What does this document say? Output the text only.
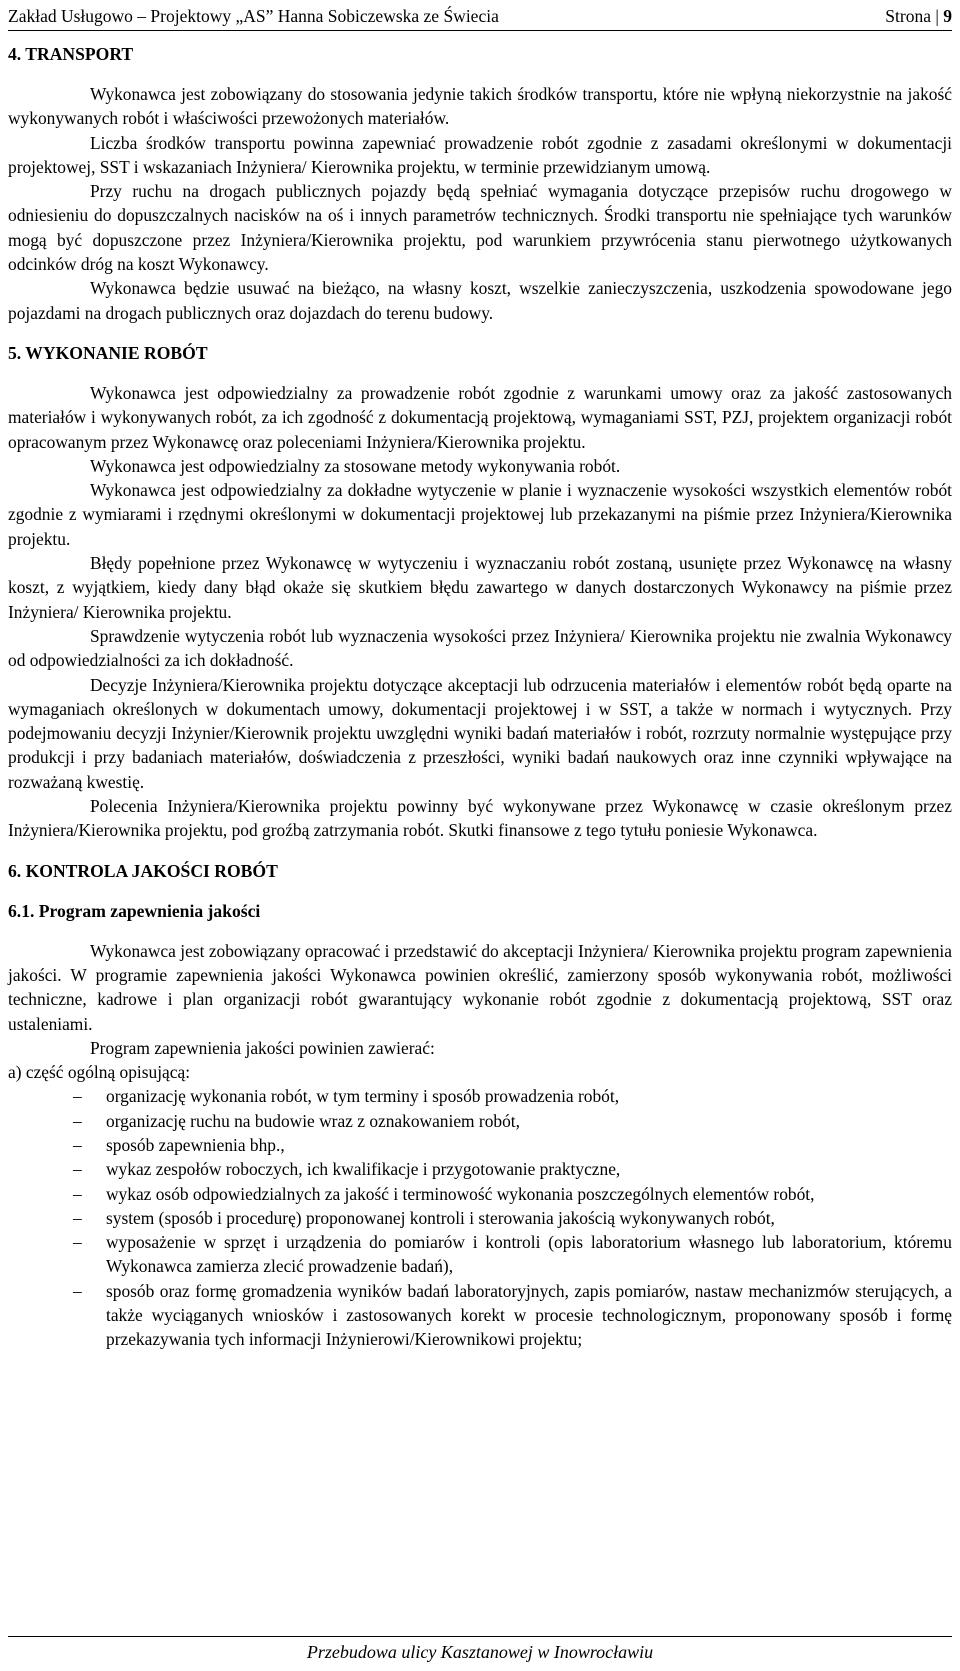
Zakład Usługowo – Projektowy „AS” Hanna Sobiczewska ze Świecia	Strona | 9
4. TRANSPORT

Wykonawca jest zobowiązany do stosowania jedynie takich środków transportu, które nie wpłyną niekorzystnie na jakość wykonywanych robót i właściwości przewożonych materiałów.

Liczba środków transportu powinna zapewniać prowadzenie robót zgodnie z zasadami określonymi w dokumentacji projektowej, SST i wskazaniach Inżyniera/ Kierownika projektu, w terminie przewidzianym umową.

Przy ruchu na drogach publicznych pojazdy będą spełniać wymagania dotyczące przepisów ruchu drogowego w odniesieniu do dopuszczalnych nacisków na oś i innych parametrów technicznych. Środki transportu nie spełniające tych warunków mogą być dopuszczone przez Inżyniera/Kierownika projektu, pod warunkiem przywrócenia stanu pierwotnego użytkowanych odcinków dróg na koszt Wykonawcy.

Wykonawca będzie usuwać na bieżąco, na własny koszt, wszelkie zanieczyszczenia, uszkodzenia spowodowane jego pojazdami na drogach publicznych oraz dojazdach do terenu budowy.

5. WYKONANIE ROBÓT

Wykonawca jest odpowiedzialny za prowadzenie robót zgodnie z warunkami umowy oraz za jakość zastosowanych materiałów i wykonywanych robót, za ich zgodność z dokumentacją projektową, wymaganiami SST, PZJ, projektem organizacji robót opracowanym przez Wykonawcę oraz poleceniami Inżyniera/Kierownika projektu.

Wykonawca jest odpowiedzialny za stosowane metody wykonywania robót.

Wykonawca jest odpowiedzialny za dokładne wytyczenie w planie i wyznaczenie wysokości wszystkich elementów robót zgodnie z wymiarami i rzędnymi określonymi w dokumentacji projektowej lub przekazanymi na piśmie przez Inżyniera/Kierownika projektu.

Błędy popełnione przez Wykonawcę w wytyczeniu i wyznaczaniu robót zostaną, usunięte przez Wykonawcę na własny koszt, z wyjątkiem, kiedy dany błąd okaże się skutkiem błędu zawartego w danych dostarczonych Wykonawcy na piśmie przez Inżyniera/ Kierownika projektu.

Sprawdzenie wytyczenia robót lub wyznaczenia wysokości przez Inżyniera/ Kierownika projektu nie zwalnia Wykonawcy od odpowiedzialności za ich dokładność.

Decyzje Inżyniera/Kierownika projektu dotyczące akceptacji lub odrzucenia materiałów i elementów robót będą oparte na wymaganiach określonych w dokumentach umowy, dokumentacji projektowej i w SST, a także w normach i wytycznych. Przy podejmowaniu decyzji Inżynier/Kierownik projektu uwzględni wyniki badań materiałów i robót, rozrzuty normalnie występujące przy produkcji i przy badaniach materiałów, doświadczenia z przeszłości, wyniki badań naukowych oraz inne czynniki wpływające na rozważaną kwestię.

Polecenia Inżyniera/Kierownika projektu powinny być wykonywane przez Wykonawcę w czasie określonym przez Inżyniera/Kierownika projektu, pod groźbą zatrzymania robót. Skutki finansowe z tego tytułu poniesie Wykonawca.

6. KONTROLA JAKOŚCI ROBÓT
6.1. Program zapewnienia jakości

Wykonawca jest zobowiązany opracować i przedstawić do akceptacji Inżyniera/ Kierownika projektu program zapewnienia jakości. W programie zapewnienia jakości Wykonawca powinien określić, zamierzony sposób wykonywania robót, możliwości techniczne, kadrowe i plan organizacji robót gwarantujący wykonanie robót zgodnie z dokumentacją projektową, SST oraz ustaleniami.

Program zapewnienia jakości powinien zawierać:

a) część ogólną opisującą:

– organizację wykonania robót, w tym terminy i sposób prowadzenia robót,
– organizację ruchu na budowie wraz z oznakowaniem robót,
– sposób zapewnienia bhp.,
– wykaz zespołów roboczych, ich kwalifikacje i przygotowanie praktyczne,
– wykaz osób odpowiedzialnych za jakość i terminowość wykonania poszczególnych elementów robót,
– system (sposób i procedurę) proponowanej kontroli i sterowania jakością wykonywanych robót,
– wyposażenie w sprzęt i urządzenia do pomiarów i kontroli (opis laboratorium własnego lub laboratorium, któremu Wykonawca zamierza zlecić prowadzenie badań),
– sposób oraz formę gromadzenia wyników badań laboratoryjnych, zapis pomiarów, nastaw mechanizmów sterujących, a także wyciąganych wniosków i zastosowanych korekt w procesie technologicznym, proponowany sposób i formę przekazywania tych informacji Inżynierowi/Kierownikowi projektu;
Przebudowa ulicy Kasztanowej w Inowrocławiu
